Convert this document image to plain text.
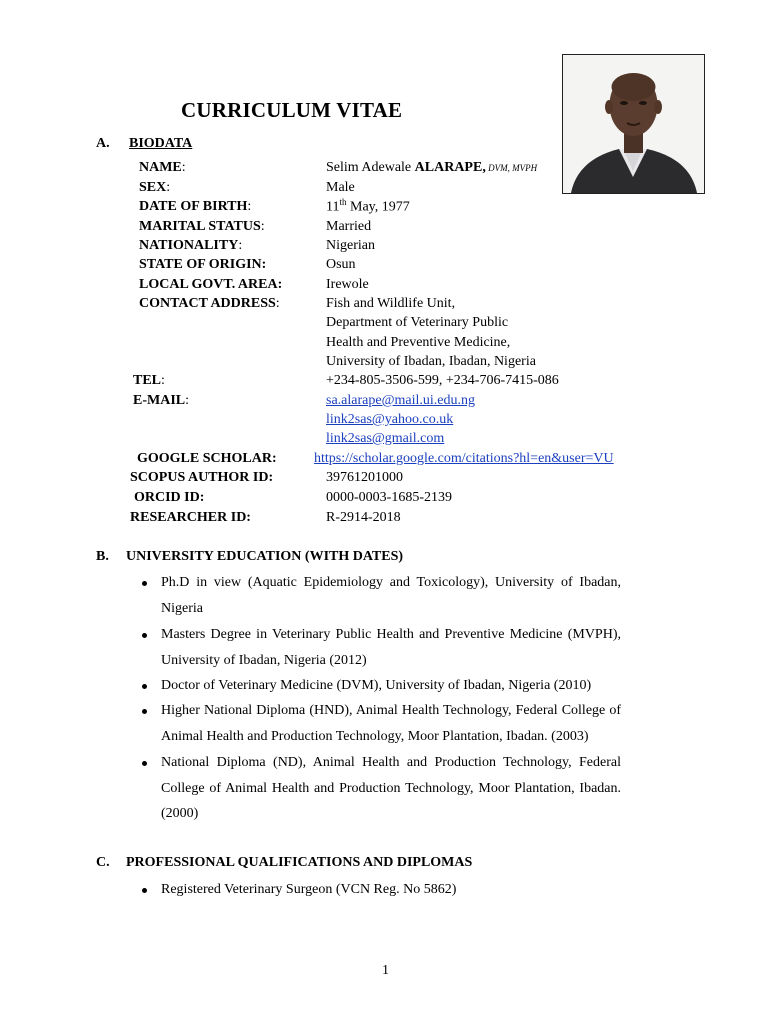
CURRICULUM VITAE
A. BIODATA
NAME:	Selim Adewale ALARAPE, DVM, MVPH
SEX:	Male
DATE OF BIRTH:	11th May, 1977
MARITAL STATUS:	Married
NATIONALITY:	Nigerian
STATE OF ORIGIN:	Osun
LOCAL GOVT. AREA:	Irewole
CONTACT ADDRESS:	Fish and Wildlife Unit,
Department of Veterinary Public
Health and Preventive Medicine,
University of Ibadan, Ibadan, Nigeria
TEL:	+234-805-3506-599, +234-706-7415-086
E-MAIL:	sa.alarape@mail.ui.edu.ng
link2sas@yahoo.co.uk
link2sas@gmail.com
GOOGLE SCHOLAR:	https://scholar.google.com/citations?hl=en&user=VU
SCOPUS AUTHOR ID:	39761201000
ORCID ID:	0000-0003-1685-2139
RESEARCHER ID:	R-2914-2018
B. UNIVERSITY EDUCATION (WITH DATES)
Ph.D in view (Aquatic Epidemiology and Toxicology), University of Ibadan, Nigeria
Masters Degree in Veterinary Public Health and Preventive Medicine (MVPH), University of Ibadan, Nigeria (2012)
Doctor of Veterinary Medicine (DVM), University of Ibadan, Nigeria (2010)
Higher National Diploma (HND), Animal Health Technology, Federal College of Animal Health and Production Technology, Moor Plantation, Ibadan. (2003)
National Diploma (ND), Animal Health and Production Technology, Federal College of Animal Health and Production Technology, Moor Plantation, Ibadan. (2000)
C. PROFESSIONAL QUALIFICATIONS AND DIPLOMAS
Registered Veterinary Surgeon (VCN Reg. No 5862)
1
